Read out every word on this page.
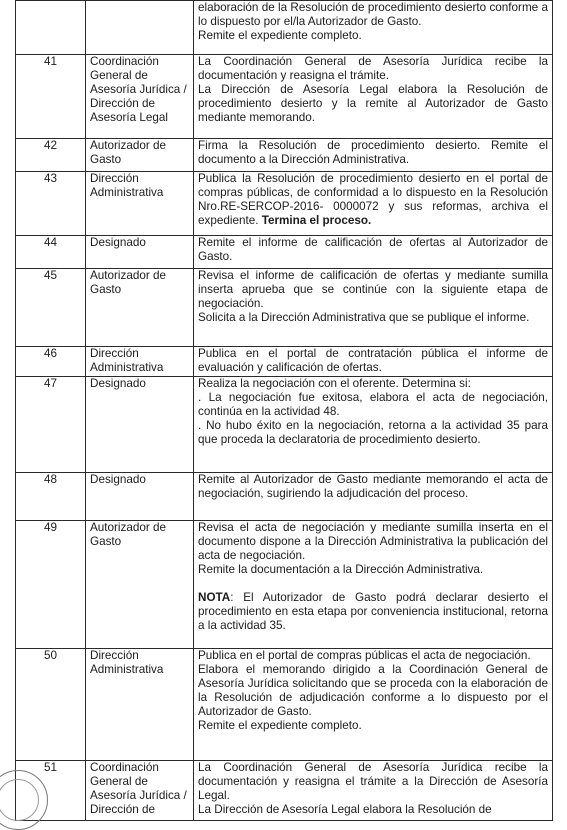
		elaboración de la Resolución de procedimiento desierto conforme a lo dispuesto por el/la Autorizador de Gasto.
Remite el expediente completo.

41	Coordinación General de Asesoría Jurídica / Dirección de Asesoría Legal	La Coordinación General de Asesoría Jurídica recibe la documentación y reasigna el trámite.
La Dirección de Asesoría Legal elabora la Resolución de procedimiento desierto y la remite al Autorizador de Gasto mediante memorando.

42	Autorizador de Gasto	Firma la Resolución de procedimiento desierto. Remite el documento a la Dirección Administrativa.

43	Dirección Administrativa	Publica la Resolución de procedimiento desierto en el portal de compras públicas, de conformidad a lo dispuesto en la Resolución Nro.RE-SERCOP-2016- 0000072 y sus reformas, archiva el expediente. Termina el proceso.
44	Designado	Remite el informe de calificación de ofertas al Autorizador de Gasto.

45	Autorizador de Gasto	Revisa el informe de calificación de ofertas y mediante sumilla inserta aprueba que se continúe con la siguiente etapa de negociación.
Solicita a la Dirección Administrativa que se publique el informe.

46	Dirección Administrativa	Publica en el portal de contratación pública el informe de evaluación y calificación de ofertas.

47	Designado	Realiza la negociación con el oferente. Determina si:
. La negociación fue exitosa, elabora el acta de negociación, continúa en la actividad 48.
. No hubo éxito en la negociación, retorna a la actividad 35 para que proceda la declaratoria de procedimiento desierto.

48	Designado	Remite al Autorizador de Gasto mediante memorando el acta de negociación, sugiriendo la adjudicación del proceso.

49	Autorizador de Gasto	Revisa el acta de negociación y mediante sumilla inserta en el documento dispone a la Dirección Administrativa la publicación del acta de negociación.
Remite la documentación a la Dirección Administrativa.
NOTA: El Autorizador de Gasto podrá declarar desierto el procedimiento en esta etapa por conveniencia institucional, retorna a la actividad 35.

50	Dirección Administrativa	Publica en el portal de compras públicas el acta de negociación.
Elabora el memorando dirigido a la Coordinación General de Asesoría Jurídica solicitando que se proceda con la elaboración de la Resolución de adjudicación conforme a lo dispuesto por el Autorizador de Gasto.
Remite el expediente completo.

51	Coordinación General de Asesoría Jurídica / Dirección de	La Coordinación General de Asesoría Jurídica recibe la documentación y reasigna el trámite a la Dirección de Asesoría Legal.
La Dirección de Asesoría Legal elabora la Resolución de
